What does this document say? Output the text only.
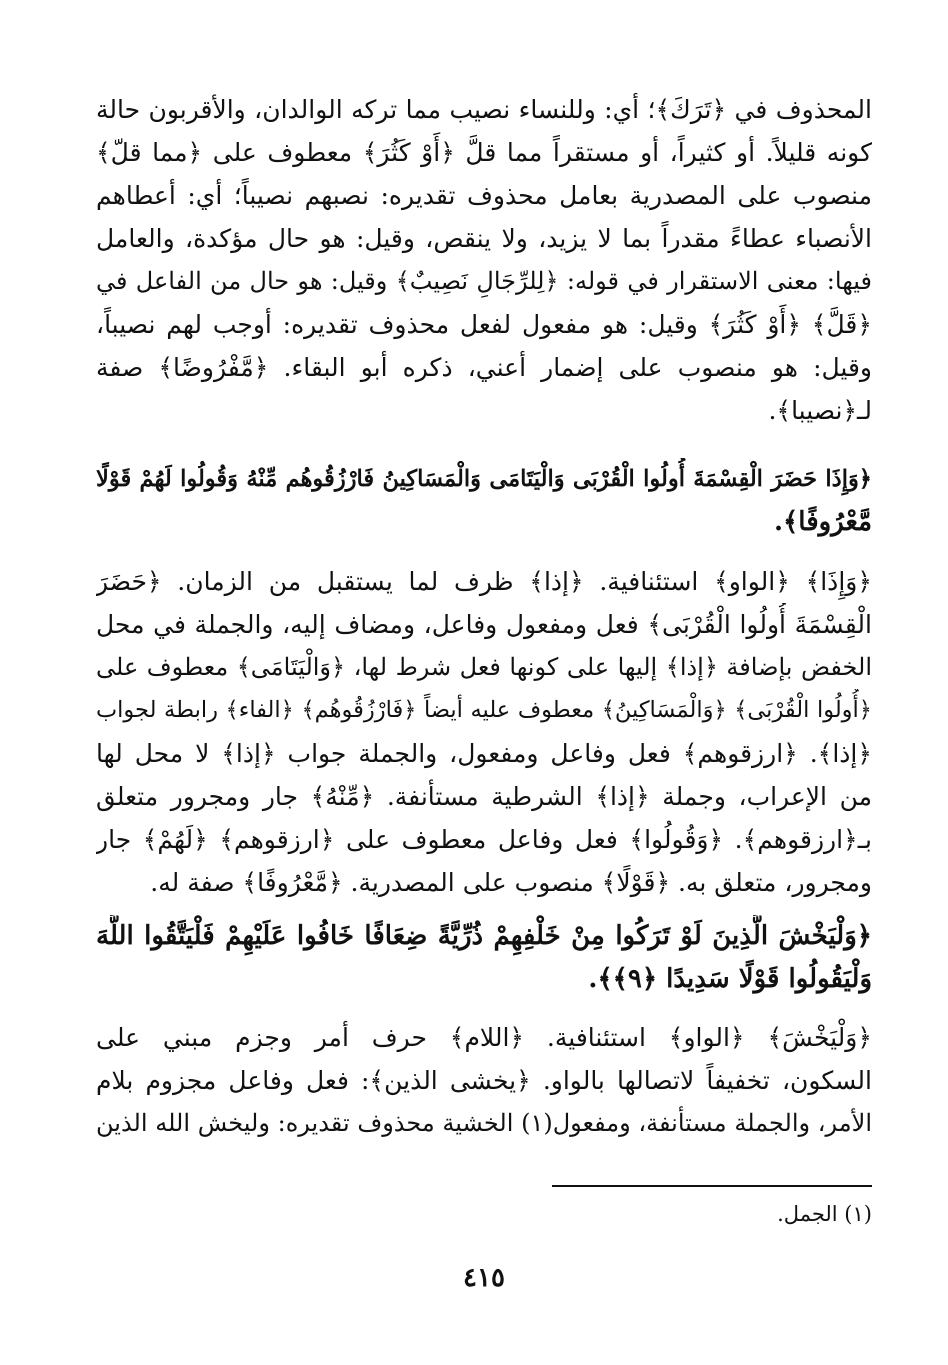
المحذوف في ﴿تَرَكَ﴾؛ أي: وللنساء نصيب مما تركه الوالدان، والأقربون حالة
كونه قليلاً. أو كثيراً، أو مستقراً مما قلَّ ﴿أَوْ كَثُرَ﴾ معطوف على ﴿مما قلّ﴾
منصوب على المصدرية بعامل محذوف تقديره: نصبهم نصيباً؛ أي: أعطاهم
الأنصباء عطاءً مقدراً بما لا يزيد، ولا ينقص، وقيل: هو حال مؤكدة، والعامل
فيها: معنى الاستقرار في قوله: ﴿لِلرِّجَالِ نَصِيبٌ﴾ وقيل: هو حال من الفاعل في
﴿قَلَّ﴾ ﴿أَوْ كَثُرَ﴾ وقيل: هو مفعول لفعل محذوف تقديره: أوجب لهم نصيباً،
وقيل: هو منصوب على إضمار أعني، ذكره أبو البقاء. ﴿مَّفْرُوضًا﴾ صفة
لـ﴿نصيبا﴾.
﴿وَإِذَا حَضَرَ الْقِسْمَةَ أُولُوا الْقُرْبَى وَالْيَتَامَى وَالْمَسَاكِينُ فَارْزُقُوهُم مِّنْهُ وَقُولُوا لَهُمْ قَوْلًا
مَّعْرُوفًا﴾.
﴿وَإِذَا﴾ ﴿الواو﴾ استئنافية. ﴿إذا﴾ ظرف لما يستقبل من الزمان. ﴿حَضَرَ
الْقِسْمَةَ أُولُوا الْقُرْبَى﴾ فعل ومفعول وفاعل، ومضاف إليه، والجملة في محل
الخفض بإضافة ﴿إذا﴾ إليها على كونها فعل شرط لها، ﴿وَالْيَتَامَى﴾ معطوف على
﴿أُولُوا الْقُرْبَى﴾ ﴿وَالْمَسَاكِينُ﴾ معطوف عليه أيضاً ﴿فَارْزُقُوهُم﴾ ﴿الفاء﴾ رابطة لجواب
﴿إذا﴾. ﴿ارزقوهم﴾ فعل وفاعل ومفعول، والجملة جواب ﴿إذا﴾ لا محل لها
من الإعراب، وجملة ﴿إذا﴾ الشرطية مستأنفة. ﴿مِّنْهُ﴾ جار ومجرور متعلق
بـ﴿ارزقوهم﴾. ﴿وَقُولُوا﴾ فعل وفاعل معطوف على ﴿ارزقوهم﴾ ﴿لَهُمْ﴾ جار
ومجرور، متعلق به. ﴿قَوْلًا﴾ منصوب على المصدرية. ﴿مَّعْرُوفًا﴾ صفة له.
﴿وَلْيَخْشَ الَّذِينَ لَوْ تَرَكُوا مِنْ خَلْفِهِمْ ذُرِّيَّةً ضِعَافًا خَافُوا عَلَيْهِمْ فَلْيَتَّقُوا اللَّهَ
وَلْيَقُولُوا قَوْلًا سَدِيدًا ﴿٩﴾﴾.
﴿وَلْيَخْشَ﴾ ﴿الواو﴾ استئنافية. ﴿اللام﴾ حرف أمر وجزم مبني على
السكون، تخفيفاً لاتصالها بالواو. ﴿يخشى الذين﴾: فعل وفاعل مجزوم بلام
الأمر، والجملة مستأنفة، ومفعول(١) الخشية محذوف تقديره: وليخش الله الذين
(١) الجمل.
٤١٥
